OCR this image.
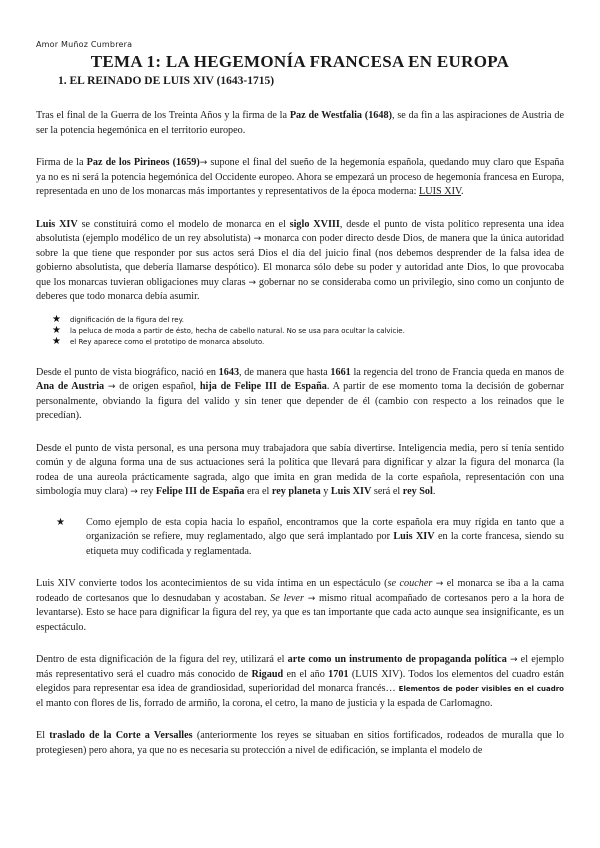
Amor Muñoz Cumbrera
TEMA 1: LA HEGEMONÍA FRANCESA EN EUROPA
1. EL REINADO DE LUIS XIV (1643-1715)

Tras el final de la Guerra de los Treinta Años y la firma de la Paz de Westfalia (1648), se da fin a las aspiraciones de Austria de ser la potencia hegemónica en el territorio europeo.

Firma de la Paz de los Pirineos (1659)→ supone el final del sueño de la hegemonía española, quedando muy claro que España ya no es ni será la potencia hegemónica del Occidente europeo. Ahora se empezará un proceso de hegemonía francesa en Europa, representada en uno de los monarcas más importantes y representativos de la época moderna: LUIS XIV.

Luis XIV se constituirá como el modelo de monarca en el siglo XVIII, desde el punto de vista político representa una idea absolutista (ejemplo modélico de un rey absolutista) → monarca con poder directo desde Dios, de manera que la única autoridad sobre la que tiene que responder por sus actos será Dios el día del juicio final (nos debemos desprender de la falsa idea de gobierno absolutista, que debería llamarse despótico). El monarca sólo debe su poder y autoridad ante Dios, lo que provocaba que los monarcas tuvieran obligaciones muy claras → gobernar no se consideraba como un privilegio, sino como un conjunto de deberes que todo monarca debía asumir.

★ dignificación de la figura del rey.
★ la peluca de moda a partir de ésto, hecha de cabello natural. No se usa para ocultar la calvicie.
★ el Rey aparece como el prototipo de monarca absoluto.

Desde el punto de vista biográfico, nació en 1643, de manera que hasta 1661 la regencia del trono de Francia queda en manos de Ana de Austria → de origen español, hija de Felipe III de España. A partir de ese momento toma la decisión de gobernar personalmente, obviando la figura del valido y sin tener que depender de él (cambio con respecto a los reinados que le precedían).

Desde el punto de vista personal, es una persona muy trabajadora que sabía divertirse. Inteligencia media, pero sí tenía sentido común y de alguna forma una de sus actuaciones será la política que llevará para dignificar y alzar la figura del monarca (la rodea de una aureola prácticamente sagrada, algo que imita en gran medida de la corte española, representación con una simbología muy clara) → rey Felipe III de España era el rey planeta y Luis XIV será el rey Sol.

★ Como ejemplo de esta copia hacia lo español, encontramos que la corte española era muy rígida en tanto que a organización se refiere, muy reglamentado, algo que será implantado por Luis XIV en la corte francesa, siendo su etiqueta muy codificada y reglamentada.

Luis XIV convierte todos los acontecimientos de su vida íntima en un espectáculo (se coucher → el monarca se iba a la cama rodeado de cortesanos que lo desnudaban y acostaban. Se lever → mismo ritual acompañado de cortesanos pero a la hora de levantarse). Esto se hace para dignificar la figura del rey, ya que es tan importante que cada acto aunque sea insignificante, es un espectáculo.

Dentro de esta dignificación de la figura del rey, utilizará el arte como un instrumento de propaganda política → el ejemplo más representativo será el cuadro más conocido de Rigaud en el año 1701 (LUIS XIV). Todos los elementos del cuadro están elegidos para representar esa idea de grandiosidad, superioridad del monarca francés… Elementos de poder visibles en el cuadro el manto con flores de lis, forrado de armiño, la corona, el cetro, la mano de justicia y la espada de Carlomagno.

El traslado de la Corte a Versalles (anteriormente los reyes se situaban en sitios fortificados, rodeados de muralla que lo protegiesen) pero ahora, ya que no es necesaria su protección a nivel de edificación, se implanta el modelo de
